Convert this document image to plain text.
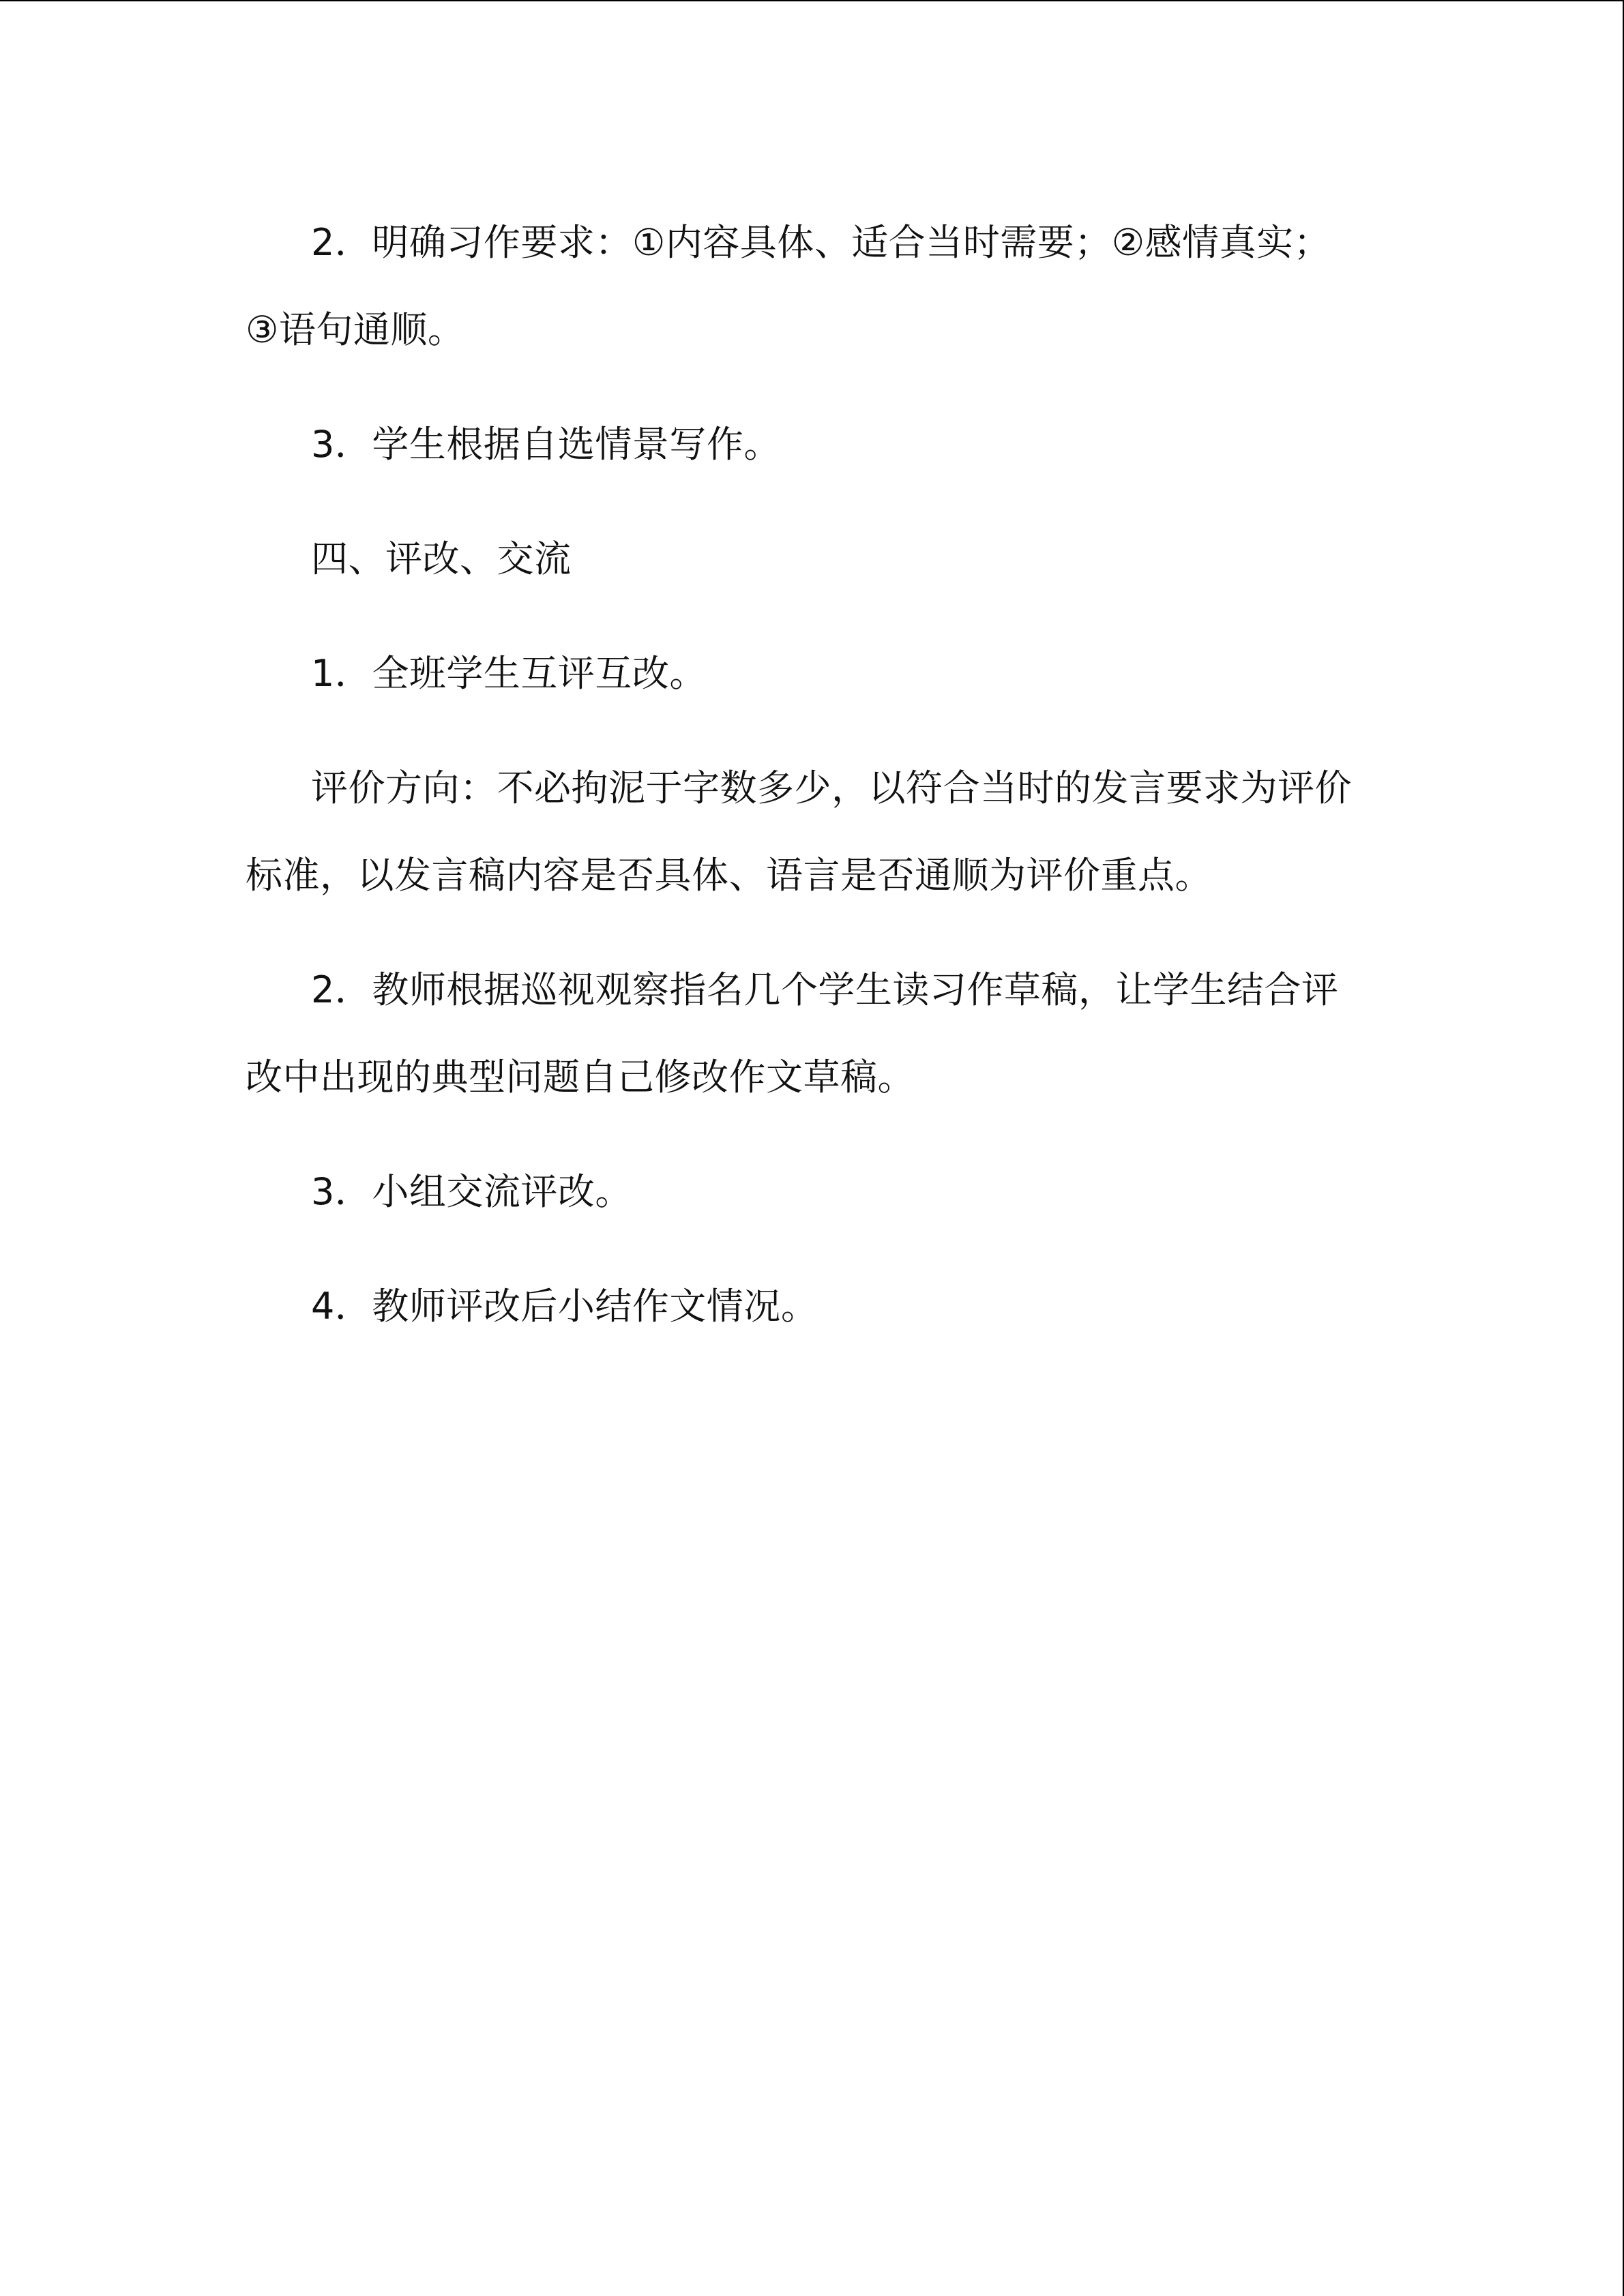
2．明确习作要求：①内容具体、适合当时需要；②感情真实；③语句通顺。

3．学生根据自选情景写作。

四、评改、交流

1．全班学生互评互改。

评价方向：不必拘泥于字数多少，以符合当时的发言要求为评价标准，以发言稿内容是否具体、语言是否通顺为评价重点。

2．教师根据巡视观察指名几个学生读习作草稿，让学生结合评改中出现的典型问题自己修改作文草稿。

3．小组交流评改。

4．教师评改后小结作文情况。
